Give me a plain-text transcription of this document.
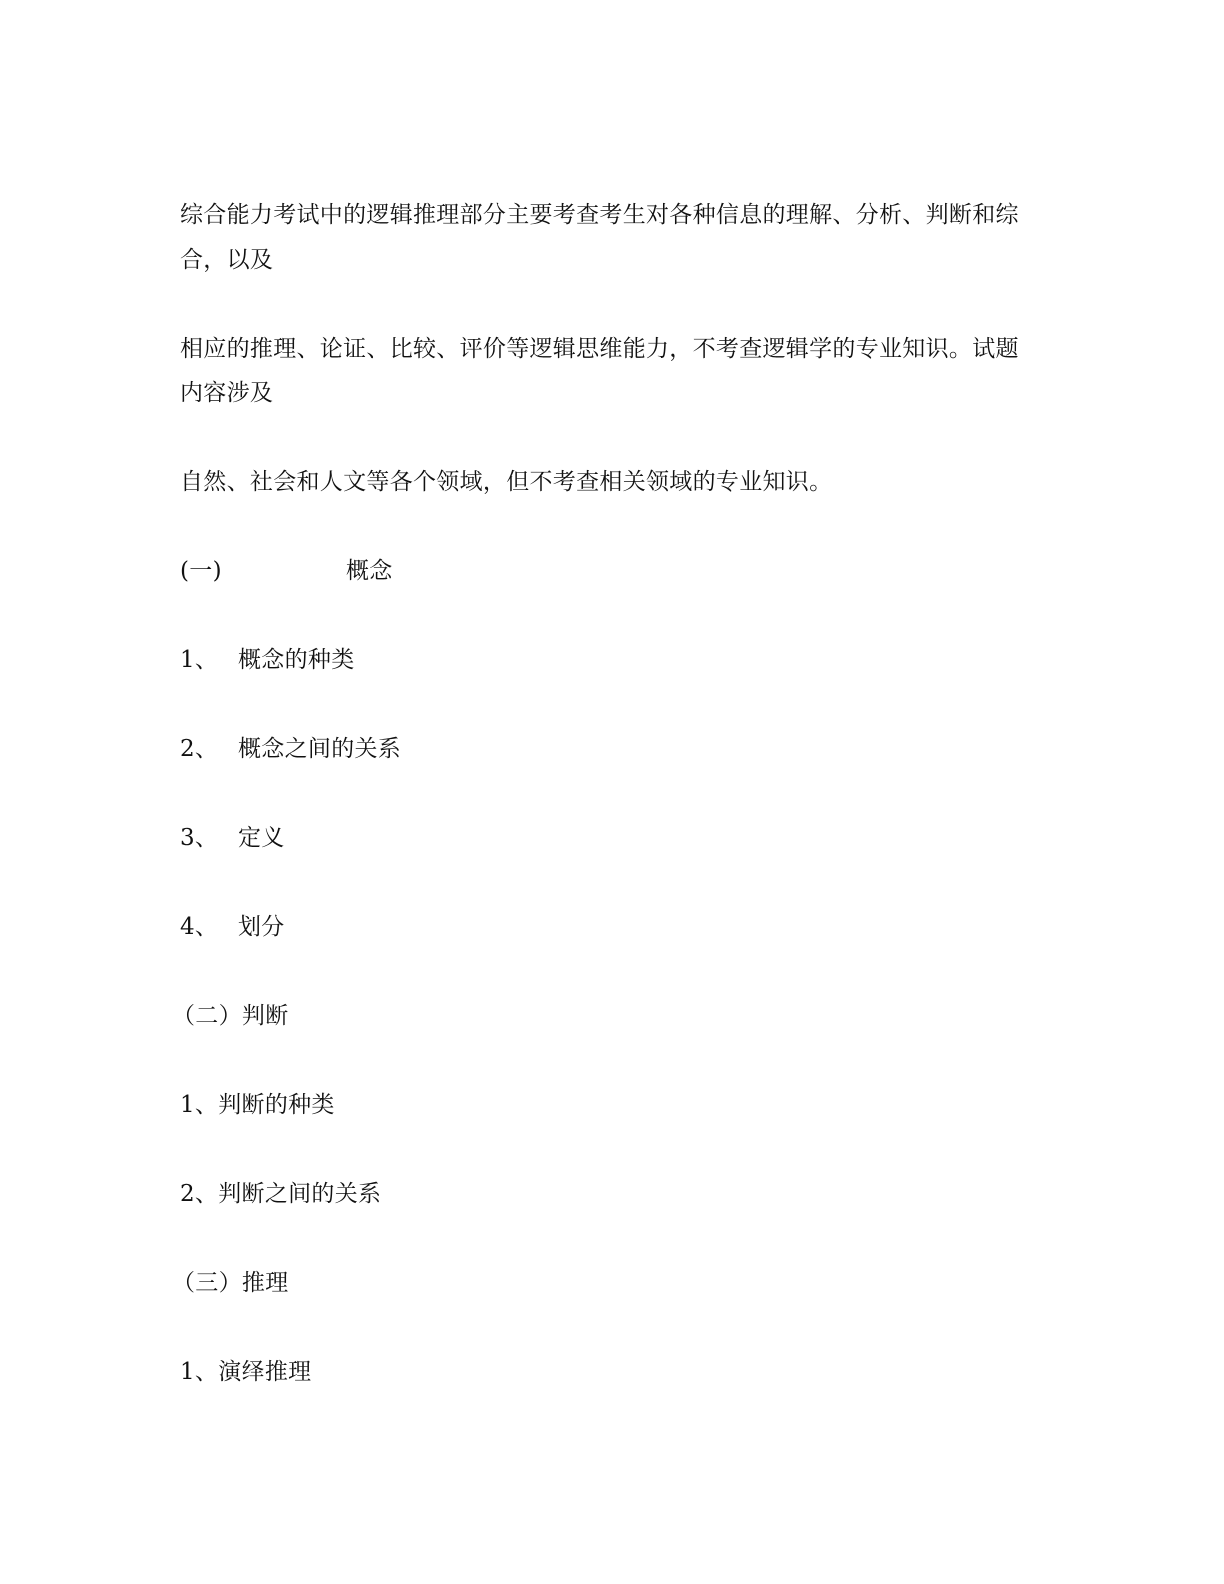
综合能力考试中的逻辑推理部分主要考查考生对各种信息的理解、分析、判断和综
合，以及
相应的推理、论证、比较、评价等逻辑思维能力，不考查逻辑学的专业知识。试题
内容涉及
自然、社会和人文等各个领域，但不考查相关领域的专业知识。
(一)	概念
1、 概念的种类
2、 概念之间的关系
3、 定义
4、 划分
（二）判断
1、判断的种类
2、判断之间的关系
（三）推理
1、演绎推理
